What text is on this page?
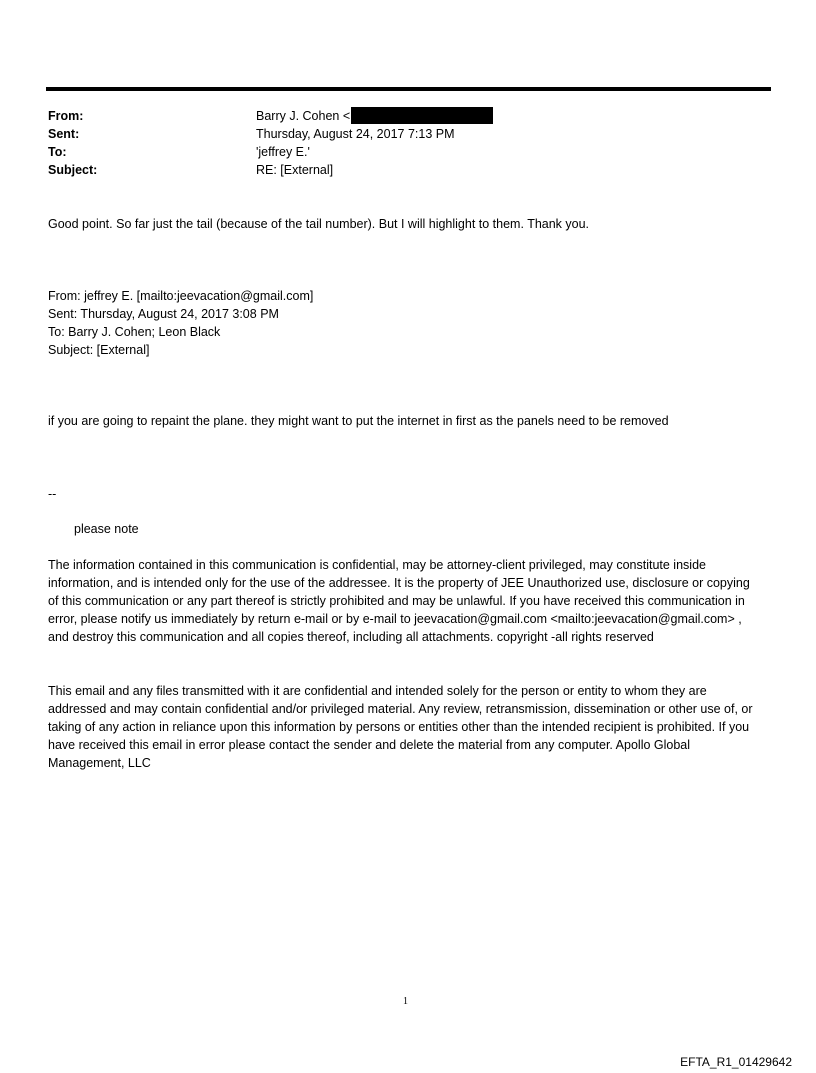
From:	Barry J. Cohen <
Sent:	Thursday, August 24, 2017 7:13 PM
To:	'jeffrey E.'
Subject:	RE: [External]
Good point. So far just the tail (because of the tail number). But I will highlight to them. Thank you.
From: jeffrey E. [mailto:jeevacation@gmail.com]
Sent: Thursday, August 24, 2017 3:08 PM
To: Barry J. Cohen; Leon Black
Subject: [External]
if you are going to repaint the plane. they might want to put the internet in first as the panels need to be removed
--
please note

The information contained in this communication is confidential, may be attorney-client privileged, may constitute inside information, and is intended only for the use of the addressee. It is the property of JEE Unauthorized use, disclosure or copying of this communication or any part thereof is strictly prohibited and may be unlawful. If you have received this communication in error, please notify us immediately by return e-mail or by e-mail to jeevacation@gmail.com <mailto:jeevacation@gmail.com> , and destroy this communication and all copies thereof, including all attachments. copyright -all rights reserved

This email and any files transmitted with it are confidential and intended solely for the person or entity to whom they are addressed and may contain confidential and/or privileged material. Any review, retransmission, dissemination or other use of, or taking of any action in reliance upon this information by persons or entities other than the intended recipient is prohibited. If you have received this email in error please contact the sender and delete the material from any computer. Apollo Global Management, LLC

1
EFTA_R1_01429642
